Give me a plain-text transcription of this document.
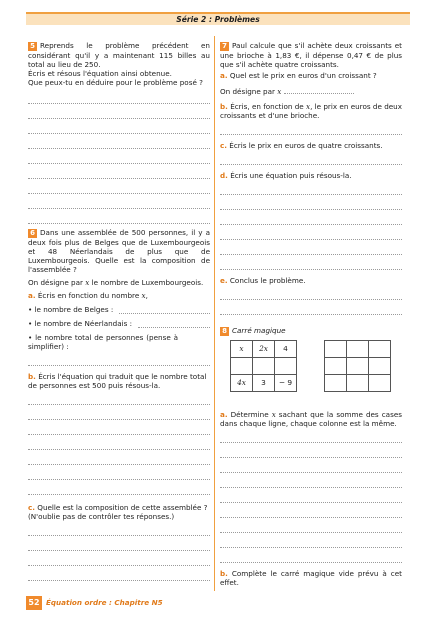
Série 2 : Problèmes

5 Reprends le problème précédent en considérant qu'il y a maintenant 115 billes au total au lieu de 250.

Écris et résous l'équation ainsi obtenue.

Que peux-tu en déduire pour le problème posé ?

6 Dans une assemblée de 500 personnes, il y a deux fois plus de Belges que de Luxembourgeois et 48 Néerlandais de plus que de Luxembourgeois. Quelle est la composition de l'assemblée ?

On désigne par x le nombre de Luxembourgeois.

a. Écris en fonction du nombre x,

• le nombre de Belges :
• le nombre de Néerlandais :
• le nombre total de personnes (pense à simplifier) :

b. Écris l'équation qui traduit que le nombre total de personnes est 500 puis résous-la.

c. Quelle est la composition de cette assemblée ? (N'oublie pas de contrôler tes réponses.)

7 Paul calcule que s'il achète deux croissants et une brioche à 1,83 €, il dépense 0,47 € de plus que s'il achète quatre croissants.

a. Quel est le prix en euros d'un croissant ?

On désigne par x

b. Écris, en fonction de x, le prix en euros de deux croissants et d'une brioche.

c. Écris le prix en euros de quatre croissants.

d. Écris une équation puis résous-la.

e. Conclus le problème.

8 Carré magique

x	2x	4

4x	3	− 9

a. Détermine x sachant que la somme des cases dans chaque ligne, chaque colonne est la même.

b. Complète le carré magique vide prévu à cet effet.

52 Équation ordre : Chapitre N5
